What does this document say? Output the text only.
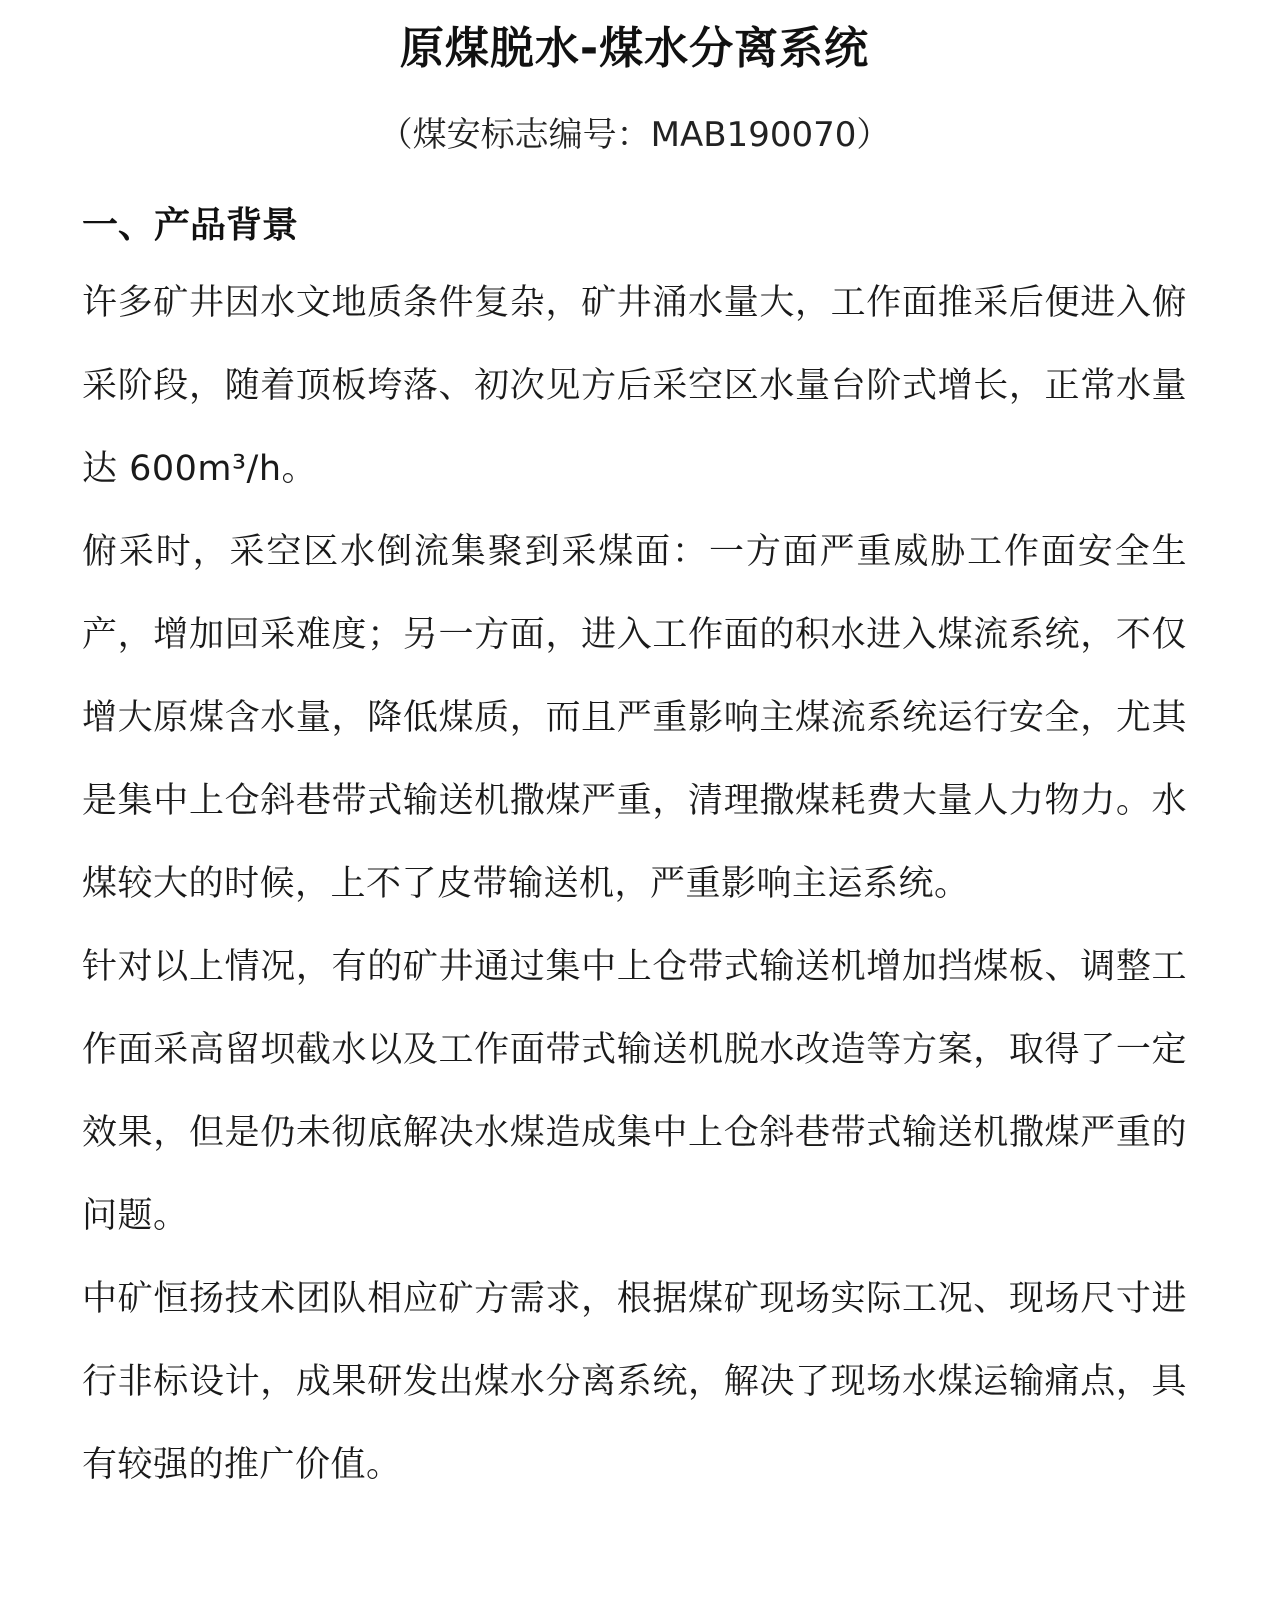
原煤脱水-煤水分离系统

（煤安标志编号：MAB190070）

一、产品背景

许多矿井因水文地质条件复杂，矿井涌水量大，工作面推采后便进入俯采阶段，随着顶板垮落、初次见方后采空区水量台阶式增长，正常水量达 600m³/h。

俯采时，采空区水倒流集聚到采煤面：一方面严重威胁工作面安全生产，增加回采难度；另一方面，进入工作面的积水进入煤流系统，不仅增大原煤含水量，降低煤质，而且严重影响主煤流系统运行安全，尤其是集中上仓斜巷带式输送机撒煤严重，清理撒煤耗费大量人力物力。水煤较大的时候，上不了皮带输送机，严重影响主运系统。

针对以上情况，有的矿井通过集中上仓带式输送机增加挡煤板、调整工作面采高留坝截水以及工作面带式输送机脱水改造等方案，取得了一定效果，但是仍未彻底解决水煤造成集中上仓斜巷带式输送机撒煤严重的问题。

中矿恒扬技术团队相应矿方需求，根据煤矿现场实际工况、现场尺寸进行非标设计，成果研发出煤水分离系统，解决了现场水煤运输痛点，具有较强的推广价值。
